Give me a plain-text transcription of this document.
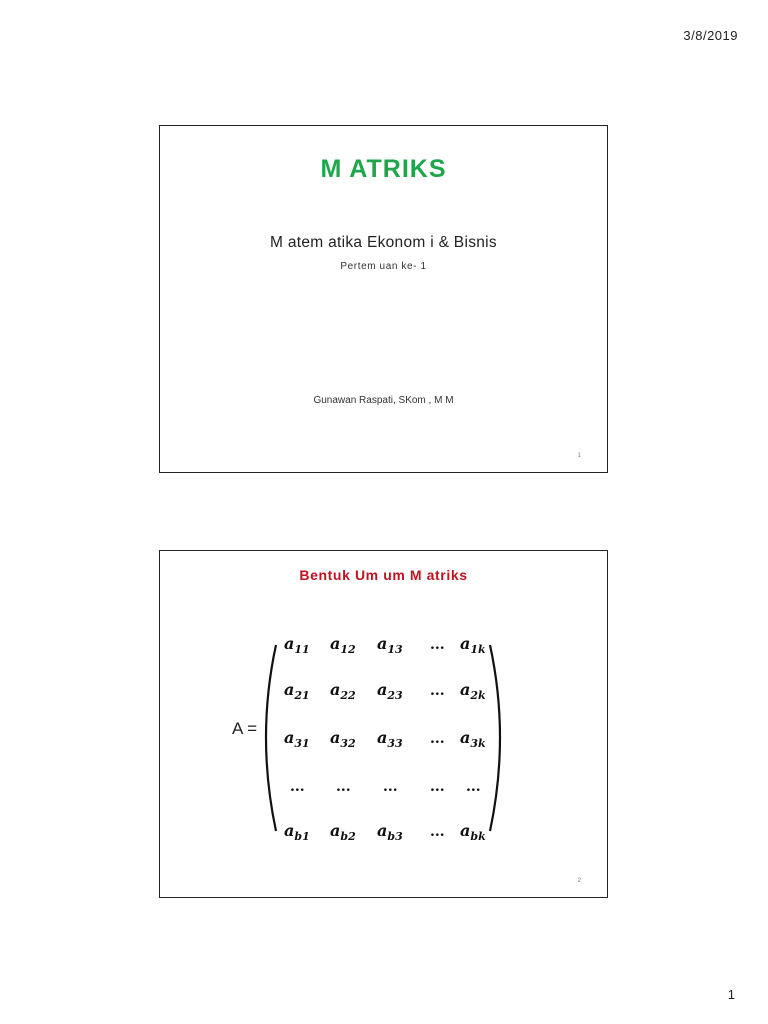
3/8/2019
M ATRIKS
M atem atika Ekonom i & Bisnis
Pertem uan ke- 1
Gunawan Raspati, SKom , M M
1
Bentuk Um um M atriks
A =
$a_{11}$ $a_{12}$ $a_{13}$ ... $a_{1k}$
$a_{21}$ $a_{22}$ $a_{23}$ ... $a_{2k}$
$a_{31}$ $a_{32}$ $a_{33}$ ... $a_{3k}$
... ... ... ... ...
$a_{b1}$ $a_{b2}$ $a_{b3}$ ... $a_{bk}$
2
1
